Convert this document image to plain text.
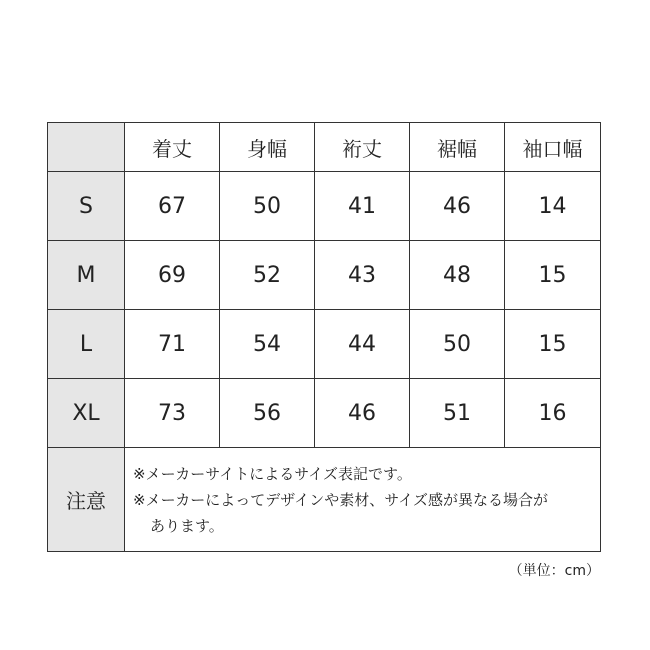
	着丈	身幅	裄丈	裾幅	袖口幅
S	67	50	41	46	14
M	69	52	43	48	15
L	71	54	44	50	15
XL	73	56	46	51	16
注意	※メーカーサイトによるサイズ表記です。
※メーカーによってデザインや素材、サイズ感が異なる場合が
あります。				
（単位：cm）
